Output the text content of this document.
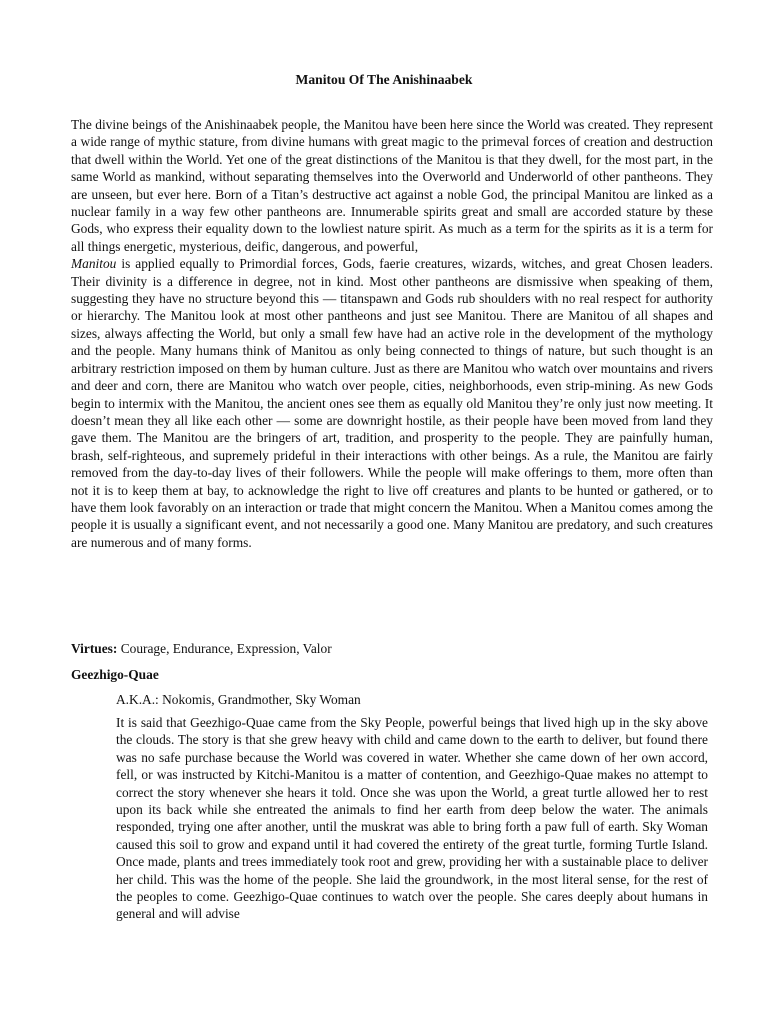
Manitou Of The Anishinaabek

The divine beings of the Anishinaabek people, the Manitou have been here since the World was created. They represent a wide range of mythic stature, from divine humans with great magic to the primeval forces of creation and destruction that dwell within the World. Yet one of the great distinctions of the Manitou is that they dwell, for the most part, in the same World as mankind, without separating themselves into the Overworld and Underworld of other pantheons. They are unseen, but ever here. Born of a Titan’s destructive act against a noble God, the principal Manitou are linked as a nuclear family in a way few other pantheons are. Innumerable spirits great and small are accorded stature by these Gods, who express their equality down to the lowliest nature spirit. As much as a term for the spirits as it is a term for all things energetic, mysterious, deific, dangerous, and powerful,
Manitou is applied equally to Primordial forces, Gods, faerie creatures, wizards, witches, and great Chosen leaders. Their divinity is a difference in degree, not in kind. Most other pantheons are dismissive when speaking of them, suggesting they have no structure beyond this — titanspawn and Gods rub shoulders with no real respect for authority or hierarchy. The Manitou look at most other pantheons and just see Manitou. There are Manitou of all shapes and sizes, always affecting the World, but only a small few have had an active role in the development of the mythology and the people. Many humans think of Manitou as only being connected to things of nature, but such thought is an arbitrary restriction imposed on them by human culture. Just as there are Manitou who watch over mountains and rivers and deer and corn, there are Manitou who watch over people, cities, neighborhoods, even strip-mining. As new Gods begin to intermix with the Manitou, the ancient ones see them as equally old Manitou they’re only just now meeting. It doesn’t mean they all like each other — some are downright hostile, as their people have been moved from land they gave them. The Manitou are the bringers of art, tradition, and prosperity to the people. They are painfully human, brash, self-righteous, and supremely prideful in their interactions with other beings. As a rule, the Manitou are fairly removed from the day-to-day lives of their followers. While the people will make offerings to them, more often than not it is to keep them at bay, to acknowledge the right to live off creatures and plants to be hunted or gathered, or to have them look favorably on an interaction or trade that might concern the Manitou. When a Manitou comes among the people it is usually a significant event, and not necessarily a good one. Many Manitou are predatory, and such creatures are numerous and of many forms.

Virtues: Courage, Endurance, Expression, Valor

Geezhigo-Quae

A.K.A.: Nokomis, Grandmother, Sky Woman

It is said that Geezhigo-Quae came from the Sky People, powerful beings that lived high up in the sky above the clouds. The story is that she grew heavy with child and came down to the earth to deliver, but found there was no safe purchase because the World was covered in water. Whether she came down of her own accord, fell, or was instructed by Kitchi-Manitou is a matter of contention, and Geezhigo-Quae makes no attempt to correct the story whenever she hears it told. Once she was upon the World, a great turtle allowed her to rest upon its back while she entreated the animals to find her earth from deep below the water. The animals responded, trying one after another, until the muskrat was able to bring forth a paw full of earth. Sky Woman caused this soil to grow and expand until it had covered the entirety of the great turtle, forming Turtle Island. Once made, plants and trees immediately took root and grew, providing her with a sustainable place to deliver her child. This was the home of the people. She laid the groundwork, in the most literal sense, for the rest of the peoples to come. Geezhigo-Quae continues to watch over the people. She cares deeply about humans in general and will advise
